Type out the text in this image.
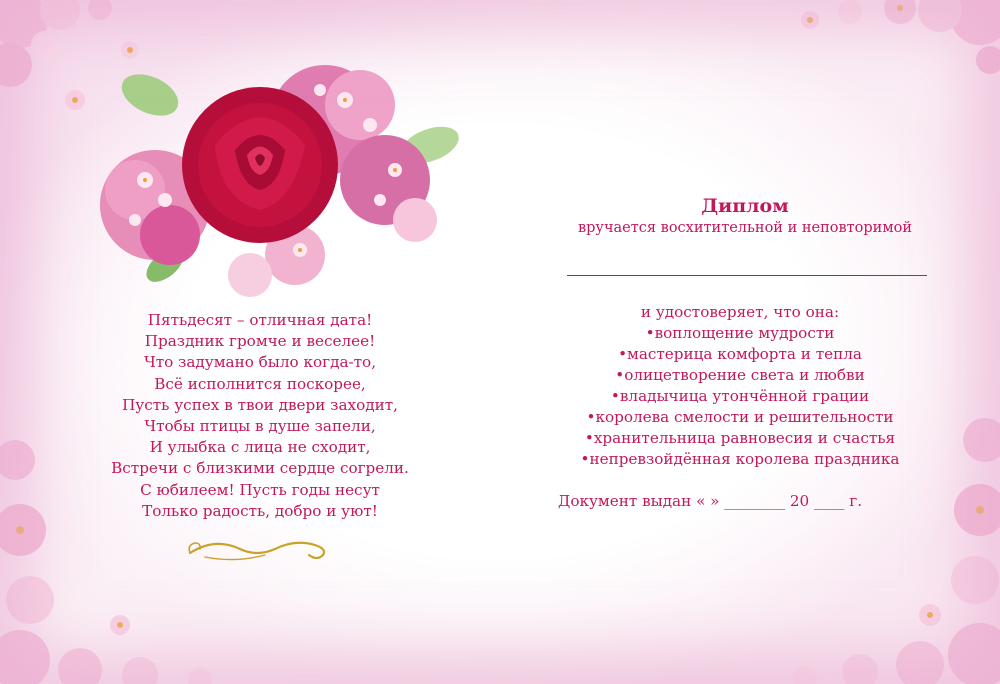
Пятьдесят – отличная дата!
Праздник громче и веселее!
Что задумано было когда-то,
Всё исполнится поскорее,
Пусть успех в твои двери заходит,
Чтобы птицы в душе запели,
И улыбка с лица не сходит,
Встречи с близкими сердце согрели.
С юбилеем! Пусть годы несут
Только радость, добро и уют!
Диплом
вручается восхитительной и неповторимой
и удостоверяет, что она:
•воплощение мудрости
•мастерица комфорта и тепла
•олицетворение света и любви
•владычица утончённой грации
•королева смелости и решительности
•хранительница равновесия и счастья
•непревзойдённая королева праздника
Документ выдан « » ________ 20 ____ г.
